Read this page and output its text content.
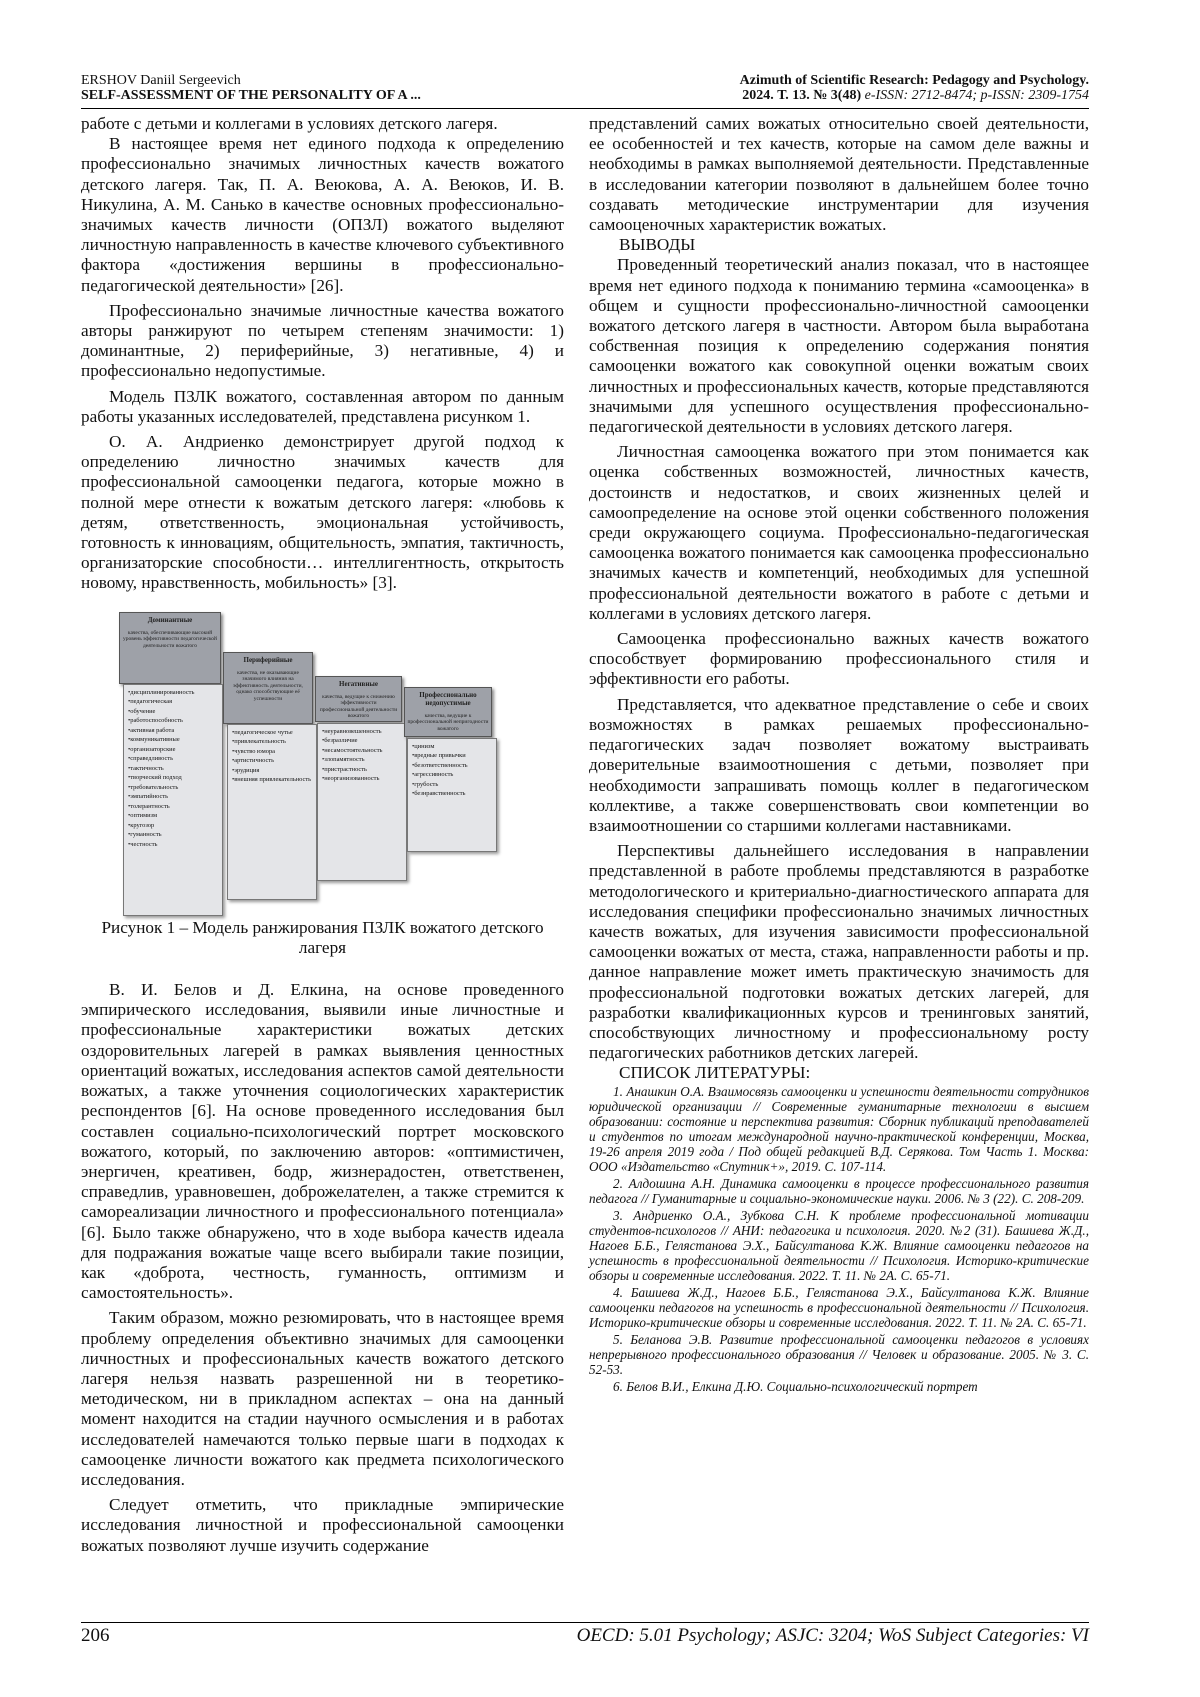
ERSHOV Daniil Sergeevich
SELF-ASSESSMENT OF THE PERSONALITY OF A ...
Azimuth of Scientific Research: Pedagogy and Psychology.
2024. Т. 13. № 3(48) e-ISSN: 2712-8474; p-ISSN: 2309-1754

работе с детьми и коллегами в условиях детского лагеря.

В настоящее время нет единого подхода к определению профессионально значимых личностных качеств вожатого детского лагеря. Так, П. А. Веюкова, А. А. Веюков, И. В. Никулина, А. М. Санько в качестве основных профессионально-значимых качеств личности (ОПЗЛ) вожатого выделяют личностную направленность в качестве ключевого субъективного фактора «достижения вершины в профессионально-педагогической деятельности» [26].

Профессионально значимые личностные качества вожатого авторы ранжируют по четырем степеням значимости: 1) доминантные, 2) периферийные, 3) негативные, 4) и профессионально недопустимые.

Модель ПЗЛК вожатого, составленная автором по данным работы указанных исследователей, представлена рисунком 1.

О. А. Андриенко демонстрирует другой подход к определению личностно значимых качеств для профессиональной самооценки педагога, которые можно в полной мере отнести к вожатым детского лагеря: «любовь к детям, ответственность, эмоциональная устойчивость, готовность к инновациям, общительность, эмпатия, тактичность, организаторские способности… интеллигентность, открытость новому, нравственность, мобильность» [3].

Доминантные
качества, обеспечивающие высокий уровень эффективности педагогической деятельности вожатого
• дисциплинированность
• педагогическая
• обучение
• работоспособность
• активная работа
• коммуникативные
• организаторские
• справедливость
• тактичность
• творческий подход
• требовательность
• эмпатийность
• толерантность
• оптимизм
• кругозор
• гуманность
• честность
Периферийные
качества, не оказывающие значимого влияния на эффективность деятельности, однако способствующие её успешности
• педагогическое чутье
• привлекательность
• чувство юмора
• артистичность
• эрудиция
• внешняя привлекательность
Негативные
качества, ведущие к снижению эффективности профессиональной деятельности вожатого
• неуравновешенность
• безразличие
• несамостоятельность
• злопамятность
• пристрастность
• неорганизованность
Профессионально недопустимые
качества, ведущие к профессиональной непригодности вожатого
• цинизм
• вредные привычки
• безответственность
• агрессивность
• грубость
• безнравственность

Рисунок 1 – Модель ранжирования ПЗЛК вожатого детского лагеря

В. И. Белов и Д. Елкина, на основе проведенного эмпирического исследования, выявили иные личностные и профессиональные характеристики вожатых детских оздоровительных лагерей в рамках выявления ценностных ориентаций вожатых, исследования аспектов самой деятельности вожатых, а также уточнения социологических характеристик респондентов [6]. На основе проведенного исследования был составлен социально-психологический портрет московского вожатого, который, по заключению авторов: «оптимистичен, энергичен, креативен, бодр, жизнерадостен, ответственен, справедлив, уравновешен, доброжелателен, а также стремится к самореализации личностного и профессионального потенциала» [6]. Было также обнаружено, что в ходе выбора качеств идеала для подражания вожатые чаще всего выбирали такие позиции, как «доброта, честность, гуманность, оптимизм и самостоятельность».

Таким образом, можно резюмировать, что в настоящее время проблему определения объективно значимых для самооценки личностных и профессиональных качеств вожатого детского лагеря нельзя назвать разрешенной ни в теоретико-методическом, ни в прикладном аспектах – она на данный момент находится на стадии научного осмысления и в работах исследователей намечаются только первые шаги в подходах к самооценке личности вожатого как предмета психологического исследования.

Следует отметить, что прикладные эмпирические исследования личностной и профессиональной самооценки вожатых позволяют лучше изучить содержание

представлений самих вожатых относительно своей деятельности, ее особенностей и тех качеств, которые на самом деле важны и необходимы в рамках выполняемой деятельности. Представленные в исследовании категории позволяют в дальнейшем более точно создавать методические инструментарии для изучения самооценочных характеристик вожатых.

ВЫВОДЫ

Проведенный теоретический анализ показал, что в настоящее время нет единого подхода к пониманию термина «самооценка» в общем и сущности профессионально-личностной самооценки вожатого детского лагеря в частности. Автором была выработана собственная позиция к определению содержания понятия самооценки вожатого как совокупной оценки вожатым своих личностных и профессиональных качеств, которые представляются значимыми для успешного осуществления профессионально-педагогической деятельности в условиях детского лагеря.

Личностная самооценка вожатого при этом понимается как оценка собственных возможностей, личностных качеств, достоинств и недостатков, и своих жизненных целей и самоопределение на основе этой оценки собственного положения среди окружающего социума. Профессионально-педагогическая самооценка вожатого понимается как самооценка профессионально значимых качеств и компетенций, необходимых для успешной профессиональной деятельности вожатого в работе с детьми и коллегами в условиях детского лагеря.

Самооценка профессионально важных качеств вожатого способствует формированию профессионального стиля и эффективности его работы.

Представляется, что адекватное представление о себе и своих возможностях в рамках решаемых профессионально-педагогических задач позволяет вожатому выстраивать доверительные взаимоотношения с детьми, позволяет при необходимости запрашивать помощь коллег в педагогическом коллективе, а также совершенствовать свои компетенции во взаимоотношении со старшими коллегами наставниками.

Перспективы дальнейшего исследования в направлении представленной в работе проблемы представляются в разработке методологического и критериально-диагностического аппарата для исследования специфики профессионально значимых личностных качеств вожатых, для изучения зависимости профессиональной самооценки вожатых от места, стажа, направленности работы и пр. данное направление может иметь практическую значимость для профессиональной подготовки вожатых детских лагерей, для разработки квалификационных курсов и тренинговых занятий, способствующих личностному и профессиональному росту педагогических работников детских лагерей.

СПИСОК ЛИТЕРАТУРЫ:

1. Анашкин О.А. Взаимосвязь самооценки и успешности деятельности сотрудников юридической организации // Современные гуманитарные технологии в высшем образовании: состояние и перспектива развития: Сборник публикаций преподавателей и студентов по итогам международной научно-практической конференции, Москва, 19-26 апреля 2019 года / Под общей редакцией В.Д. Серякова. Том Часть 1. Москва: ООО «Издательство «Спутник+», 2019. С. 107-114.

2. Алдошина А.Н. Динамика самооценки в процессе профессионального развития педагога // Гуманитарные и социально-экономические науки. 2006. № 3 (22). С. 208-209.

3. Андриенко О.А., Зубкова С.Н. К проблеме профессиональной мотивации студентов-психологов // АНИ: педагогика и психология. 2020. №2 (31). Башиева Ж.Д., Нагоев Б.Б., Гелястанова Э.Х., Байсултанова К.Ж. Влияние самооценки педагогов на успешность в профессиональной деятельности // Психология. Историко-критические обзоры и современные исследования. 2022. Т. 11. № 2А. С. 65-71.

4. Башиева Ж.Д., Нагоев Б.Б., Гелястанова Э.Х., Байсултанова К.Ж. Влияние самооценки педагогов на успешность в профессиональной деятельности // Психология. Историко-критические обзоры и современные исследования. 2022. Т. 11. № 2А. С. 65-71.

5. Беланова Э.В. Развитие профессиональной самооценки педагогов в условиях непрерывного профессионального образования // Человек и образование. 2005. № 3. С. 52-53.

6. Белов В.И., Елкина Д.Ю. Социально-психологический портрет

206	OECD: 5.01 Psychology; ASJC: 3204; WoS Subject Categories: VI
